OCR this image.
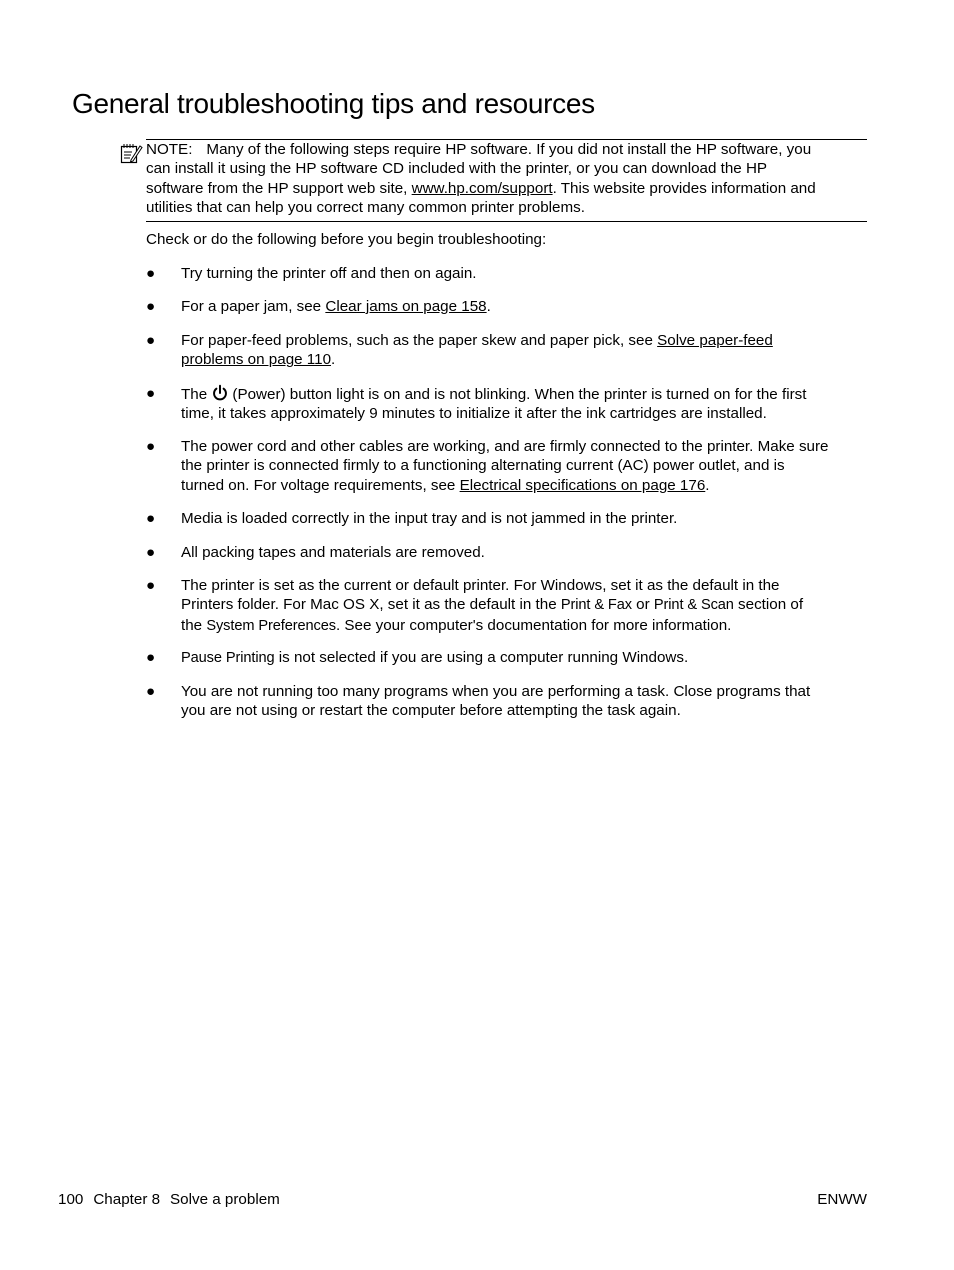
General troubleshooting tips and resources
NOTE: Many of the following steps require HP software. If you did not install the HP software, you
can install it using the HP software CD included with the printer, or you can download the HP
software from the HP support web site, www.hp.com/support. This website provides information and
utilities that can help you correct many common printer problems.
Check or do the following before you begin troubleshooting:
● Try turning the printer off and then on again.
● For a paper jam, see Clear jams on page 158.
● For paper-feed problems, such as the paper skew and paper pick, see Solve paper-feed
problems on page 110.
● The (Power) button light is on and is not blinking. When the printer is turned on for the first
time, it takes approximately 9 minutes to initialize it after the ink cartridges are installed.
● The power cord and other cables are working, and are firmly connected to the printer. Make sure
the printer is connected firmly to a functioning alternating current (AC) power outlet, and is
turned on. For voltage requirements, see Electrical specifications on page 176.
● Media is loaded correctly in the input tray and is not jammed in the printer.
● All packing tapes and materials are removed.
● The printer is set as the current or default printer. For Windows, set it as the default in the
Printers folder. For Mac OS X, set it as the default in the Print & Fax or Print & Scan section of
the System Preferences. See your computer's documentation for more information.
● Pause Printing is not selected if you are using a computer running Windows.
● You are not running too many programs when you are performing a task. Close programs that
you are not using or restart the computer before attempting the task again.
100 Chapter 8 Solve a problem	ENWW
